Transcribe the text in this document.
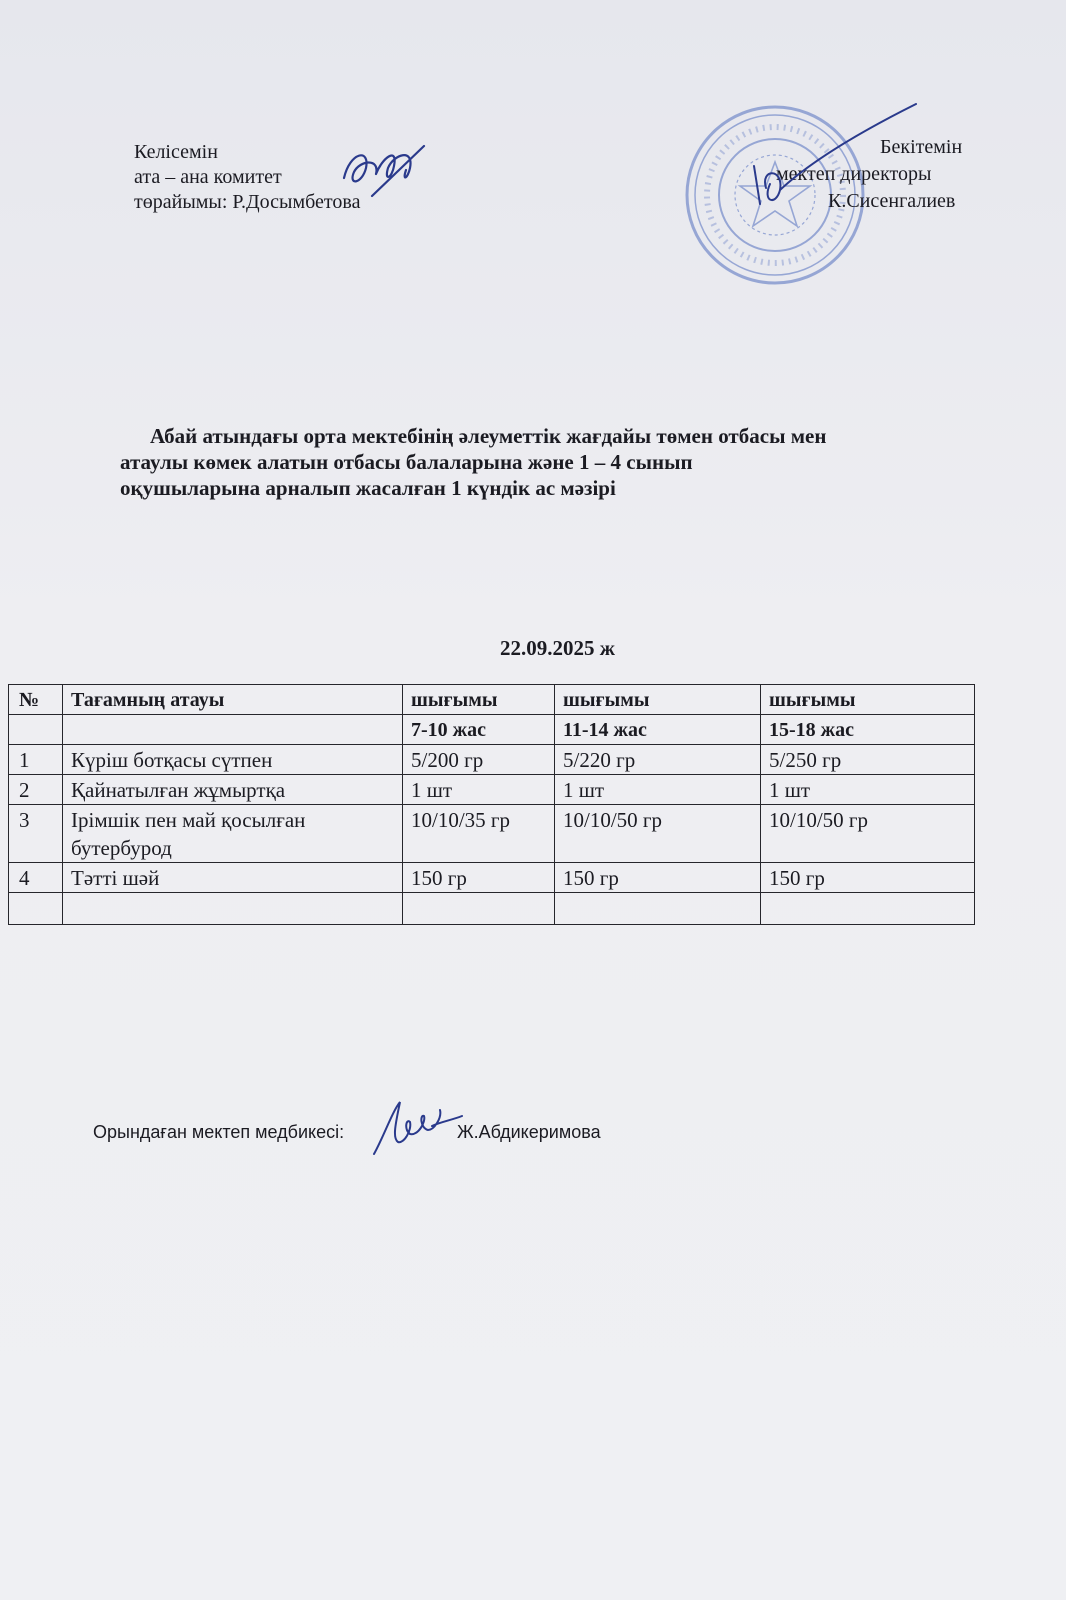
Келісемін
ата – ана комитет
төрайымы: Р.Досымбетова
Бекітемін
мектеп директоры
К.Сисенгалиев
Абай атындағы орта мектебінің әлеуметтік жағдайы төмен отбасы мен
атаулы көмек алатын отбасы балаларына және 1 – 4 сынып
оқушыларына арналып жасалған 1 күндік ас мәзірі
22.09.2025 ж
№	Тағамның атауы	шығымы	шығымы	шығымы
		7-10 жас	11-14 жас	15-18 жас
1	Күріш ботқасы сүтпен	5/200 гр	5/220 гр	5/250 гр
2	Қайнатылған жұмыртқа	1 шт	1 шт	1 шт
3	Ірімшік пен май қосылған бутербурод	10/10/35 гр	10/10/50 гр	10/10/50 гр
4	Тәтті шәй	150 гр	150 гр	150 гр

Орындаған мектеп медбикесі:	Ж.Абдикеримова
